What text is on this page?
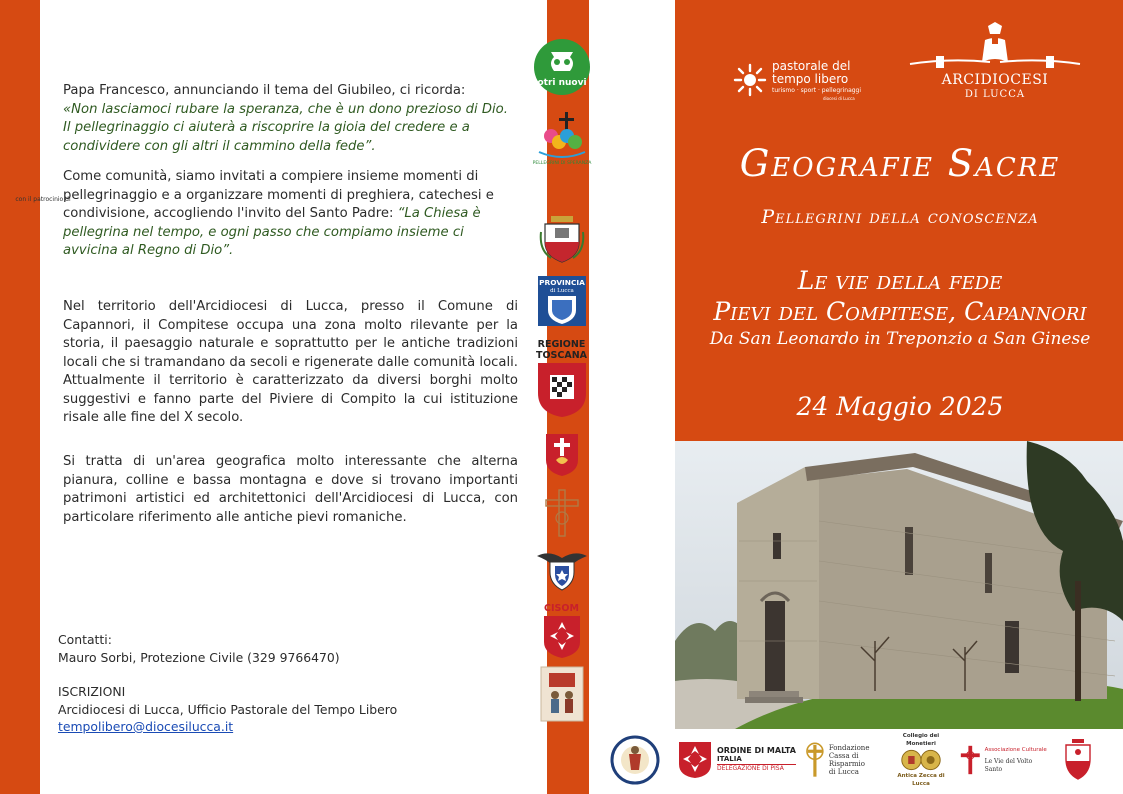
Papa Francesco, annunciando il tema del Giubileo, ci ricorda:
«Non lasciamoci rubare la speranza, che è un dono prezioso di Dio. Il pellegrinaggio ci aiuterà a riscoprire la gioia del credere e a condividere con gli altri il cammino della fede”.
Come comunità, siamo invitati a compiere insieme momenti di pellegrinaggio e a organizzare momenti di preghiera, catechesi e condivisione, accogliendo l'invito del Santo Padre: “La Chiesa è pellegrina nel tempo, e ogni passo che compiamo insieme ci avvicina al Regno di Dio”.
Nel territorio dell'Arcidiocesi di Lucca, presso il Comune di Capannori, il Compitese occupa una zona molto rilevante per la storia, il paesaggio naturale e soprattutto per le antiche tradizioni locali che si tramandano da secoli e rigenerate dalle comunità locali. Attualmente il territorio è caratterizzato da diversi borghi molto suggestivi e fanno parte del Piviere di Compito la cui istituzione risale alle fine del X secolo.
Si tratta di un'area geografica molto interessante che alterna pianura, colline e bassa montagna e dove si trovano importanti patrimoni artistici ed architettonici dell'Arcidiocesi di Lucca, con particolare riferimento alle antiche pievi romaniche.
Contatti:
Mauro Sorbi, Protezione Civile (329 9766470)
ISCRIZIONI
Arcidiocesi di Lucca, Ufficio Pastorale del Tempo Libero
tempolibero@diocesilucca.it
otri nuovi
PELLEGRINI DI SPERANZA
con il patrocinio di
PROVINCIA
di Lucca
REGIONE
TOSCANA
CISOM
pastorale del
tempo libero
turismo · sport · pellegrinaggi
diocesi di Lucca
ARCIDIOCESI
DI LUCCA
Geografie Sacre
Pellegrini della conoscenza
Le vie della fede
Pievi del Compitese, Capannori
Da San Leonardo in Treponzio a San Ginese
24 Maggio 2025
ORDINE DI MALTA
ITALIA
DELEGAZIONE DI PISA
Fondazione
Cassa di Risparmio
di Lucca
Collegio dei Monetieri
Antica Zecca di Lucca
Associazione Culturale
Le Vie del Volto Santo
